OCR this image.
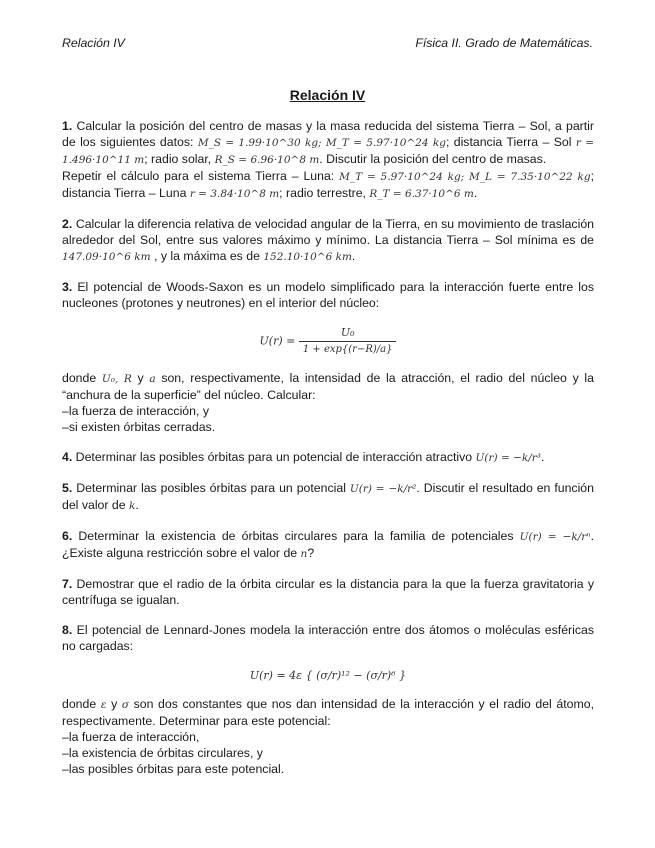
Relación IV	Física II. Grado de Matemáticas.
Relación IV

1. Calcular la posición del centro de masas y la masa reducida del sistema Tierra – Sol, a partir de los siguientes datos: M_S = 1.99·10^30 kg; M_T = 5.97·10^24 kg; distancia Tierra – Sol r = 1.496·10^11 m; radio solar, R_S = 6.96·10^8 m. Discutir la posición del centro de masas.

Repetir el cálculo para el sistema Tierra – Luna: M_T = 5.97·10^24 kg; M_L = 7.35·10^22 kg; distancia Tierra – Luna r = 3.84·10^8 m; radio terrestre, R_T = 6.37·10^6 m.

2. Calcular la diferencia relativa de velocidad angular de la Tierra, en su movimiento de traslación alrededor del Sol, entre sus valores máximo y mínimo. La distancia Tierra – Sol mínima es de 147.09·10^6 km , y la máxima es de 152.10·10^6 km.

3. El potencial de Woods-Saxon es un modelo simplificado para la interacción fuerte entre los nucleones (protones y neutrones) en el interior del núcleo:

$U(r) = \frac{\text{U₀}}{1 + \exp\{(r-R)/a\}}$

donde U₀, R y a son, respectivamente, la intensidad de la atracción, el radio del núcleo y la “anchura de la superficie” del núcleo. Calcular:

–la fuerza de interacción, y
–si existen órbitas cerradas.

4. Determinar las posibles órbitas para un potencial de interacción atractivo U(r) = −k/r³.

5. Determinar las posibles órbitas para un potencial U(r) = −k/r². Discutir el resultado en función del valor de k.

6. Determinar la existencia de órbitas circulares para la familia de potenciales U(r) = −k/rⁿ. ¿Existe alguna restricción sobre el valor de n?

7. Demostrar que el radio de la órbita circular es la distancia para la que la fuerza gravitatoria y centrífuga se igualan.

8. El potencial de Lennard-Jones modela la interacción entre dos átomos o moléculas esféricas no cargadas:

U(r) = 4ε { (σ/r)¹² − (σ/r)⁶ }

donde ε y σ son dos constantes que nos dan intensidad de la interacción y el radio del átomo, respectivamente. Determinar para este potencial:

–la fuerza de interacción,
–la existencia de órbitas circulares, y
–las posibles órbitas para este potencial.
